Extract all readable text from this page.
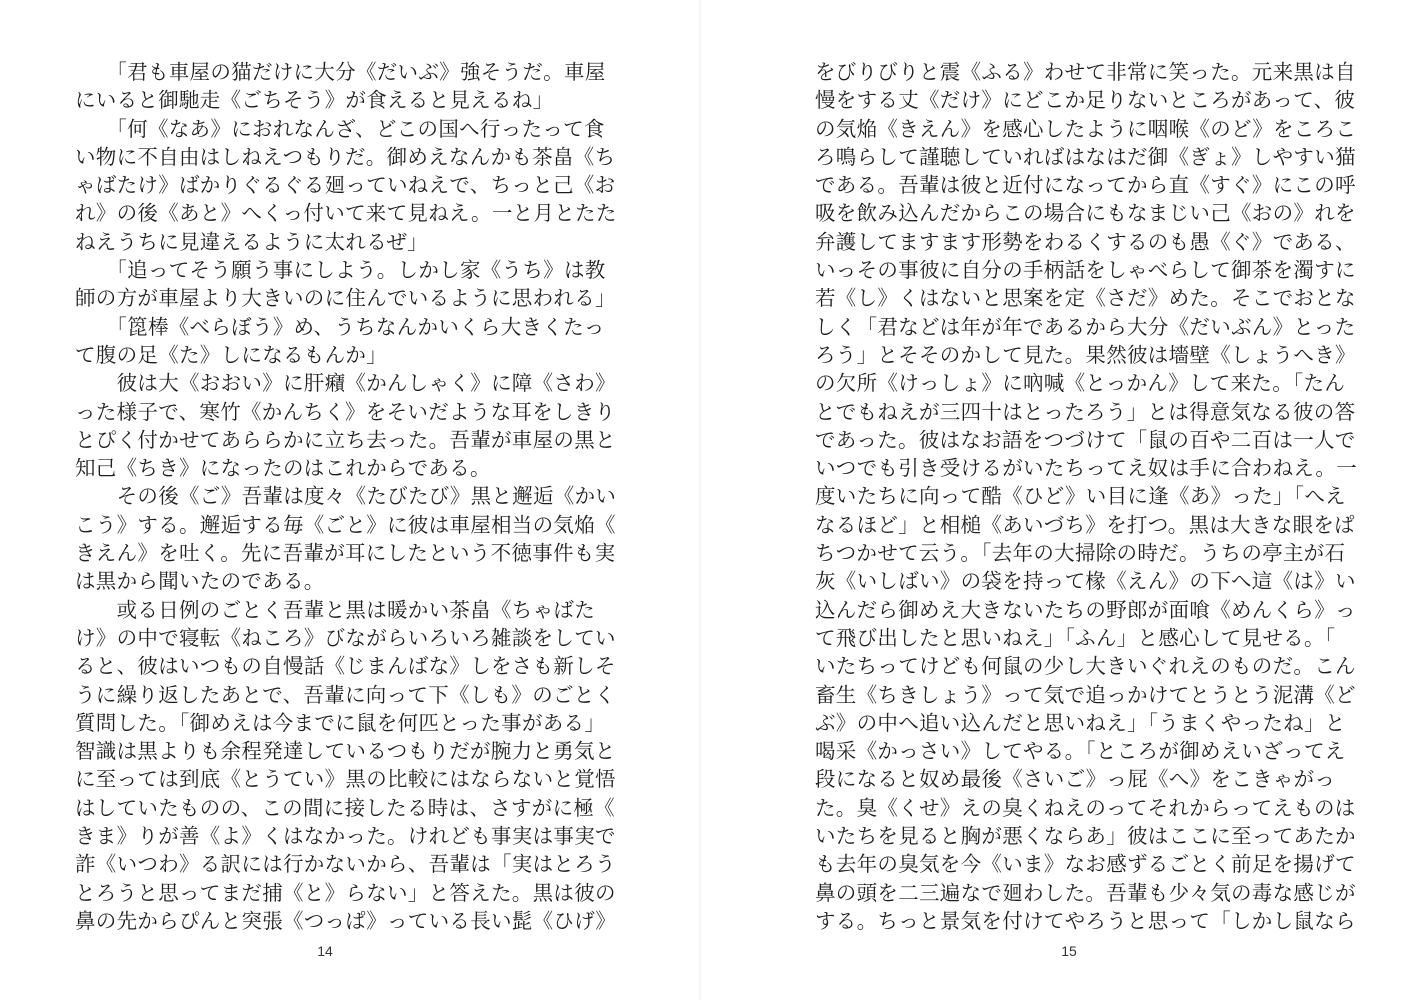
　　「君も車屋の猫だけに大分《だいぶ》強そうだ。車屋
にいると御馳走《ごちそう》が食えると見えるね」
　　「何《なあ》におれなんざ、どこの国へ行ったって食
い物に不自由はしねえつもりだ。御めえなんかも茶畠《ち
ゃばたけ》ばかりぐるぐる廻っていねえで、ちっと己《お
れ》の後《あと》へくっ付いて来て見ねえ。一と月とたた
ねえうちに見違えるように太れるぜ」
　　「追ってそう願う事にしよう。しかし家《うち》は教
師の方が車屋より大きいのに住んでいるように思われる」
　　「箆棒《べらぼう》め、うちなんかいくら大きくたっ
て腹の足《た》しになるもんか」
　　彼は大《おおい》に肝癪《かんしゃく》に障《さわ》
った様子で、寒竹《かんちく》をそいだような耳をしきり
とぴく付かせてあららかに立ち去った。吾輩が車屋の黒と
知己《ちき》になったのはこれからである。
　　その後《ご》吾輩は度々《たびたび》黒と邂逅《かい
こう》する。邂逅する毎《ごと》に彼は車屋相当の気焔《
きえん》を吐く。先に吾輩が耳にしたという不徳事件も実
は黒から聞いたのである。
　　或る日例のごとく吾輩と黒は暖かい茶畠《ちゃばた
け》の中で寝転《ねころ》びながらいろいろ雑談をしてい
ると、彼はいつもの自慢話《じまんばな》しをさも新しそ
うに繰り返したあとで、吾輩に向って下《しも》のごとく
質問した。「御めえは今までに鼠を何匹とった事がある」
智識は黒よりも余程発達しているつもりだが腕力と勇気と
に至っては到底《とうてい》黒の比較にはならないと覚悟
はしていたものの、この間に接したる時は、さすがに極《
きま》りが善《よ》くはなかった。けれども事実は事実で
詐《いつわ》る訳には行かないから、吾輩は「実はとろう
とろうと思ってまだ捕《と》らない」と答えた。黒は彼の
鼻の先からぴんと突張《つっぱ》っている長い髭《ひげ》
14
をびりびりと震《ふる》わせて非常に笑った。元来黒は自
慢をする丈《だけ》にどこか足りないところがあって、彼
の気焔《きえん》を感心したように咽喉《のど》をころこ
ろ鳴らして謹聴していればはなはだ御《ぎょ》しやすい猫
である。吾輩は彼と近付になってから直《すぐ》にこの呼
吸を飲み込んだからこの場合にもなまじい己《おの》れを
弁護してますます形勢をわるくするのも愚《ぐ》である、
いっその事彼に自分の手柄話をしゃべらして御茶を濁すに
若《し》くはないと思案を定《さだ》めた。そこでおとな
しく「君などは年が年であるから大分《だいぶん》とった
ろう」とそそのかして見た。果然彼は墻壁《しょうへき》
の欠所《けっしょ》に吶喊《とっかん》して来た。「たん
とでもねえが三四十はとったろう」とは得意気なる彼の答
であった。彼はなお語をつづけて「鼠の百や二百は一人で
いつでも引き受けるがいたちってえ奴は手に合わねえ。一
度いたちに向って酷《ひど》い目に逢《あ》った」「へえ
なるほど」と相槌《あいづち》を打つ。黒は大きな眼をぱ
ちつかせて云う。「去年の大掃除の時だ。うちの亭主が石
灰《いしばい》の袋を持って椽《えん》の下へ這《は》い
込んだら御めえ大きないたちの野郎が面喰《めんくら》っ
て飛び出したと思いねえ」「ふん」と感心して見せる。「
いたちってけども何鼠の少し大きいぐれえのものだ。こん
畜生《ちきしょう》って気で追っかけてとうとう泥溝《ど
ぶ》の中へ追い込んだと思いねえ」「うまくやったね」と
喝采《かっさい》してやる。「ところが御めえいざってえ
段になると奴め最後《さいご》っ屁《へ》をこきゃがっ
た。臭《くせ》えの臭くねえのってそれからってえものは
いたちを見ると胸が悪くならあ」彼はここに至ってあたか
も去年の臭気を今《いま》なお感ずるごとく前足を揚げて
鼻の頭を二三遍なで廻わした。吾輩も少々気の毒な感じが
する。ちっと景気を付けてやろうと思って「しかし鼠なら
15
